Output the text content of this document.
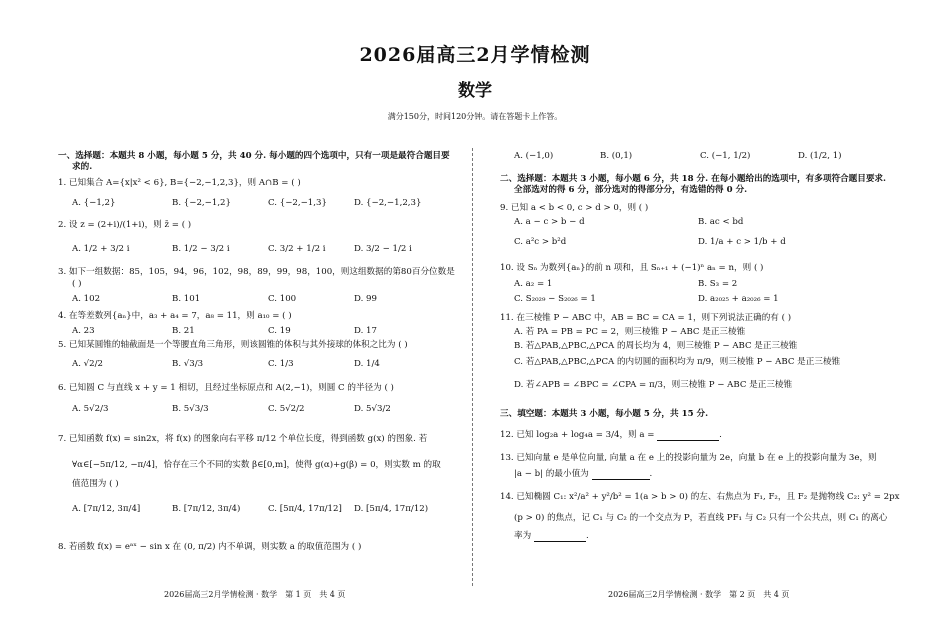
2026届高三2月学情检测
数学
满分150分，时间120分钟。请在答题卡上作答。
一、选择题：本题共 8 小题，每小题 5 分，共 40 分. 每小题的四个选项中，只有一项是最符合题目要
求的.
1. 已知集合 A={x|x² < 6}, B={−2,−1,2,3}，则 A∩B = ( )
A. {−1,2}	B. {−2,−1,2}	C. {−2,−1,3}	D. {−2,−1,2,3}
2. 设 z = (2+i)/(1+i)，则 z̄ = ( )
A. 1/2 + 3/2 i	B. 1/2 − 3/2 i	C. 3/2 + 1/2 i	D. 3/2 − 1/2 i
3. 如下一组数据：85，105，94，96，102，98，89，99，98，100，则这组数据的第80百分位数是
( )
A. 102	B. 101	C. 100	D. 99
4. 在等差数列{aₙ}中，a₃ + a₄ = 7，a₈ = 11，则 a₁₀ = ( )
A. 23	B. 21	C. 19	D. 17
5. 已知某圆锥的轴截面是一个等腰直角三角形，则该圆锥的体积与其外接球的体积之比为 ( )
A. √2/2	B. √3/3	C. 1/3	D. 1/4
6. 已知圆 C 与直线 x + y = 1 相切，且经过坐标原点和 A(2,−1)，则圆 C 的半径为 ( )
A. 5√2/3	B. 5√3/3	C. 5√2/2	D. 5√3/2
7. 已知函数 f(x) = sin2x，将 f(x) 的图象向右平移 π/12 个单位长度，得到函数 g(x) 的图象. 若
∀α∈[−5π/12, −π/4]，恰存在三个不同的实数 β∈[0,m]，使得 g(α)+g(β) = 0，则实数 m 的取
值范围为 ( )
A. [7π/12, 3π/4]	B. [7π/12, 3π/4)	C. [5π/4, 17π/12] D. [5π/4, 17π/12)
8. 若函数 f(x) = eᵃˣ − sin x 在 (0, π/2) 内不单调，则实数 a 的取值范围为 ( )
A. (−1,0)	B. (0,1)	C. (−1, 1/2)	D. (1/2, 1)
二、选择题：本题共 3 小题，每小题 6 分，共 18 分. 在每小题给出的选项中，有多项符合题目要求.
全部选对的得 6 分，部分选对的得部分分，有选错的得 0 分.
9. 已知 a < b < 0, c > d > 0，则 ( )
A. a − c > b − d	B. ac < bd
C. a²c > b²d	D. 1/a + c > 1/b + d
10. 设 Sₙ 为数列{aₙ}的前 n 项和，且 Sₙ₊₁ + (−1)ⁿ aₙ = n，则 ( )
A. a₂ = 1	B. S₃ = 2
C. S₂₀₂₉ − S₂₀₂₆ = 1	D. a₂₀₂₅ + a₂₀₂₆ = 1
11. 在三棱锥 P − ABC 中，AB = BC = CA = 1，则下列说法正确的有 ( )
A. 若 PA = PB = PC = 2，则三棱锥 P − ABC 是正三棱锥
B. 若△PAB,△PBC,△PCA 的周长均为 4，则三棱锥 P − ABC 是正三棱锥
C. 若△PAB,△PBC,△PCA 的内切圆的面积均为 π/9，则三棱锥 P − ABC 是正三棱锥
D. 若∠APB = ∠BPC = ∠CPA = π/3，则三棱锥 P − ABC 是正三棱锥
三、填空题：本题共 3 小题，每小题 5 分，共 15 分.
12. 已知 log₂a + log₄a = 3/4，则 a =	.
13. 已知向量 e 是单位向量, 向量 a 在 e 上的投影向量为 2e，向量 b 在 e 上的投影向量为 3e，则
|a − b| 的最小值为	.
14. 已知椭圆 C₁: x²/a² + y²/b² = 1(a > b > 0) 的左、右焦点为 F₁, F₂，且 F₂ 是抛物线 C₂: y² = 2px
(p > 0) 的焦点，记 C₁ 与 C₂ 的一个交点为 P，若直线 PF₁ 与 C₂ 只有一个公共点，则 C₁ 的离心
率为	.
2026届高三2月学情检测 · 数学　第 1 页　共 4 页	2026届高三2月学情检测 · 数学　第 2 页　共 4 页
